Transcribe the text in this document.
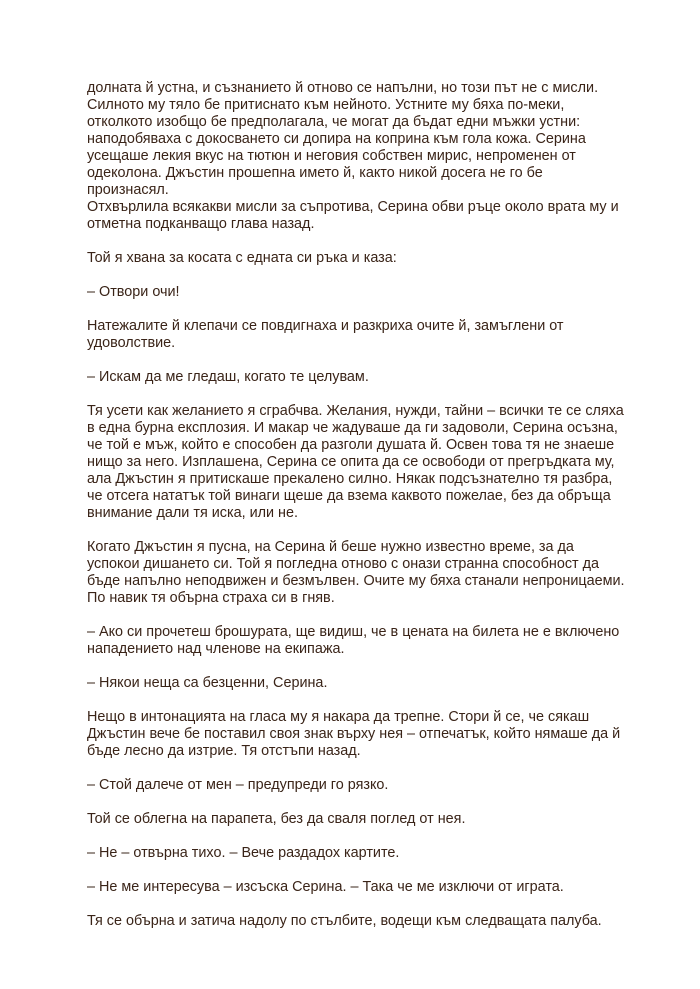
долната й устна, и съзнанието й отново се напълни, но този път не с мисли.
Силното му тяло бе притиснато към нейното. Устните му бяха по-меки,
отколкото изобщо бе предполагала, че могат да бъдат едни мъжки устни:
наподобяваха с докосването си допира на коприна към гола кожа. Серина
усещаше лекия вкус на тютюн и неговия собствен мирис, непроменен от
одеколона. Джъстин прошепна името й, както никой досега не го бе произнасял.
Отхвърлила всякакви мисли за съпротива, Серина обви ръце около врата му и
отметна подканващо глава назад.

Той я хвана за косата с едната си ръка и каза:

– Отвори очи!

Натежалите й клепачи се повдигнаха и разкриха очите й, замъглени от
удоволствие.

– Искам да ме гледаш, когато те целувам.

Тя усети как желанието я сграбчва. Желания, нужди, тайни – всички те се сляха
в една бурна експлозия. И макар че жадуваше да ги задоволи, Серина осъзна,
че той е мъж, който е способен да разголи душата й. Освен това тя не знаеше
нищо за него. Изплашена, Серина се опита да се освободи от прегръдката му,
ала Джъстин я притискаше прекалено силно. Някак подсъзнателно тя разбра,
че отсега нататък той винаги щеше да взема каквото пожелае, без да обръща
внимание дали тя иска, или не.

Когато Джъстин я пусна, на Серина й беше нужно известно време, за да
успокои дишането си. Той я погледна отново с онази странна способност да
бъде напълно неподвижен и безмълвен. Очите му бяха станали непроницаеми.
По навик тя обърна страха си в гняв.

– Ако си прочетеш брошурата, ще видиш, че в цената на билета не е включено
нападението над членове на екипажа.

– Някои неща са безценни, Серина.

Нещо в интонацията на гласа му я накара да трепне. Стори й се, че сякаш
Джъстин вече бе поставил своя знак върху нея – отпечатък, който нямаше да й
бъде лесно да изтрие. Тя отстъпи назад.

– Стой далече от мен – предупреди го рязко.

Той се облегна на парапета, без да сваля поглед от нея.

– Не – отвърна тихо. – Вече раздадох картите.

– Не ме интересува – изсъска Серина. – Така че ме изключи от играта.

Тя се обърна и затича надолу по стълбите, водещи към следващата палуба.
